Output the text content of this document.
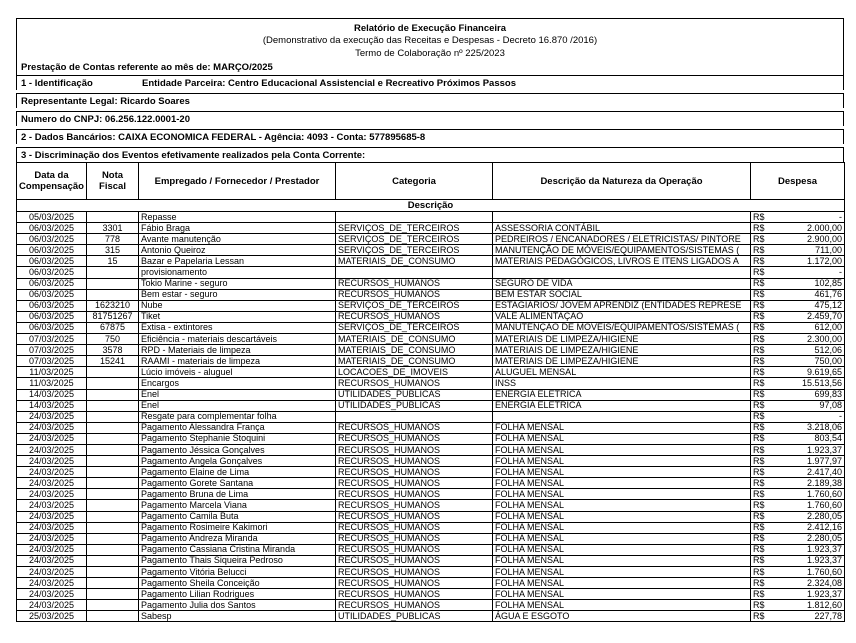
Relatório de Execução Financeira
(Demonstrativo da execução das Receitas e Despesas - Decreto 16.870 /2016)
Termo de Colaboração nº 225/2023
Prestação de Contas referente ao mês de: MARÇO/2025
1 - Identificação	Entidade Parceira: Centro Educacional Assistencial e Recreativo Próximos Passos
Representante Legal: Ricardo Soares
Numero do CNPJ: 06.256.122.0001-20
2 - Dados Bancários: CAIXA ECONOMICA FEDERAL - Agência: 4093 - Conta: 577895685-8
3 - Discriminação dos Eventos efetivamente realizados pela Conta Corrente:
Descrição						
Data da Compensação	Nota Fiscal	Empregado / Fornecedor / Prestador	Categoria	Descrição da Natureza da Operação	Despesa	
05/03/2025		Repasse			R$	-
06/03/2025	3301	Fábio Braga	SERVIÇOS_DE_TERCEIROS	ASSESSORIA CONTÁBIL	R$	2.000,00
06/03/2025	778	Avante manutenção	SERVIÇOS_DE_TERCEIROS	PEDREIROS / ENCANADORES / ELETRICISTAS/ PINTORE	R$	2.900,00
06/03/2025	315	Antonio Queiroz	SERVIÇOS_DE_TERCEIROS	MANUTENÇÃO DE MÓVEIS/EQUIPAMENTOS/SISTEMAS (	R$	711,00
06/03/2025	15	Bazar e Papelaria Lessan	MATERIAIS_DE_CONSUMO	MATERIAIS PEDAGÓGICOS, LIVROS E ITENS LIGADOS A	R$	1.172,00
06/03/2025		provisionamento			R$	-
06/03/2025		Tokio Marine - seguro	RECURSOS_HUMANOS	SEGURO DE VIDA	R$	102,85
06/03/2025		Bem estar - seguro	RECURSOS_HUMANOS	BEM ESTAR SOCIAL	R$	461,76
06/03/2025	1623210	Nube	SERVIÇOS_DE_TERCEIROS	ESTAGIÁRIOS/ JOVEM APRENDIZ (ENTIDADES REPRESE	R$	475,12
06/03/2025	81751267	Tiket	RECURSOS_HUMANOS	VALE ALIMENTAÇÃO	R$	2.459,70
06/03/2025	67875	Extisa - extintores	SERVIÇOS_DE_TERCEIROS	MANUTENÇÃO DE MÓVEIS/EQUIPAMENTOS/SISTEMAS (	R$	612,00
07/03/2025	750	Eficiência - materiais descartáveis	MATERIAIS_DE_CONSUMO	MATERIAIS DE LIMPEZA/HIGIENE	R$	2.300,00
07/03/2025	3578	RPD - Materiais de limpeza	MATERIAIS_DE_CONSUMO	MATERIAIS DE LIMPEZA/HIGIENE	R$	512,06
07/03/2025	15241	RAAMI - materiais de limpeza	MATERIAIS_DE_CONSUMO	MATERIAIS DE LIMPEZA/HIGIENE	R$	750,00
11/03/2025		Lúcio imóveis - aluguel	LOCACOES_DE_IMOVEIS	ALUGUEL MENSAL	R$	9.619,65
11/03/2025		Encargos	RECURSOS_HUMANOS	INSS	R$	15.513,56
14/03/2025		Enel	UTILIDADES_PUBLICAS	ENERGIA ELÉTRICA	R$	699,83
14/03/2025		Enel	UTILIDADES_PUBLICAS	ENERGIA ELÉTRICA	R$	97,08
24/03/2025		Resgate para complementar folha			R$	-
24/03/2025		Pagamento Alessandra França	RECURSOS_HUMANOS	FOLHA MENSAL	R$	3.218,06
24/03/2025		Pagamento Stephanie Stoquini	RECURSOS_HUMANOS	FOLHA MENSAL	R$	803,54
24/03/2025		Pagamento Jéssica Gonçalves	RECURSOS_HUMANOS	FOLHA MENSAL	R$	1.923,37
24/03/2025		Pagamento Angela Gonçalves	RECURSOS_HUMANOS	FOLHA MENSAL	R$	1.977,97
24/03/2025		Pagamento Elaine de Lima	RECURSOS_HUMANOS	FOLHA MENSAL	R$	2.417,40
24/03/2025		Pagamento Gorete Santana	RECURSOS_HUMANOS	FOLHA MENSAL	R$	2.189,38
24/03/2025		Pagamento Bruna de Lima	RECURSOS_HUMANOS	FOLHA MENSAL	R$	1.760,60
24/03/2025		Pagamento Marcela Viana	RECURSOS_HUMANOS	FOLHA MENSAL	R$	1.760,60
24/03/2025		Pagamento Camila Buta	RECURSOS_HUMANOS	FOLHA MENSAL	R$	2.280,05
24/03/2025		Pagamento Rosimeire Kakimori	RECURSOS_HUMANOS	FOLHA MENSAL	R$	2.412,16
24/03/2025		Pagamento Andreza Miranda	RECURSOS_HUMANOS	FOLHA MENSAL	R$	2.280,05
24/03/2025		Pagamento Cassiana Cristina Miranda	RECURSOS_HUMANOS	FOLHA MENSAL	R$	1.923,37
24/03/2025		Pagamento Thais Siqueira Pedroso	RECURSOS_HUMANOS	FOLHA MENSAL	R$	1.923,37
24/03/2025		Pagamento Vitória Belucci	RECURSOS_HUMANOS	FOLHA MENSAL	R$	1.760,60
24/03/2025		Pagamento Sheila Conceição	RECURSOS_HUMANOS	FOLHA MENSAL	R$	2.324,08
24/03/2025		Pagamento Lilian Rodrigues	RECURSOS_HUMANOS	FOLHA MENSAL	R$	1.923,37
24/03/2025		Pagamento Julia dos Santos	RECURSOS_HUMANOS	FOLHA MENSAL	R$	1.812,60
25/03/2025		Sabesp	UTILIDADES_PUBLICAS	ÁGUA E ESGOTO	R$	227,78
